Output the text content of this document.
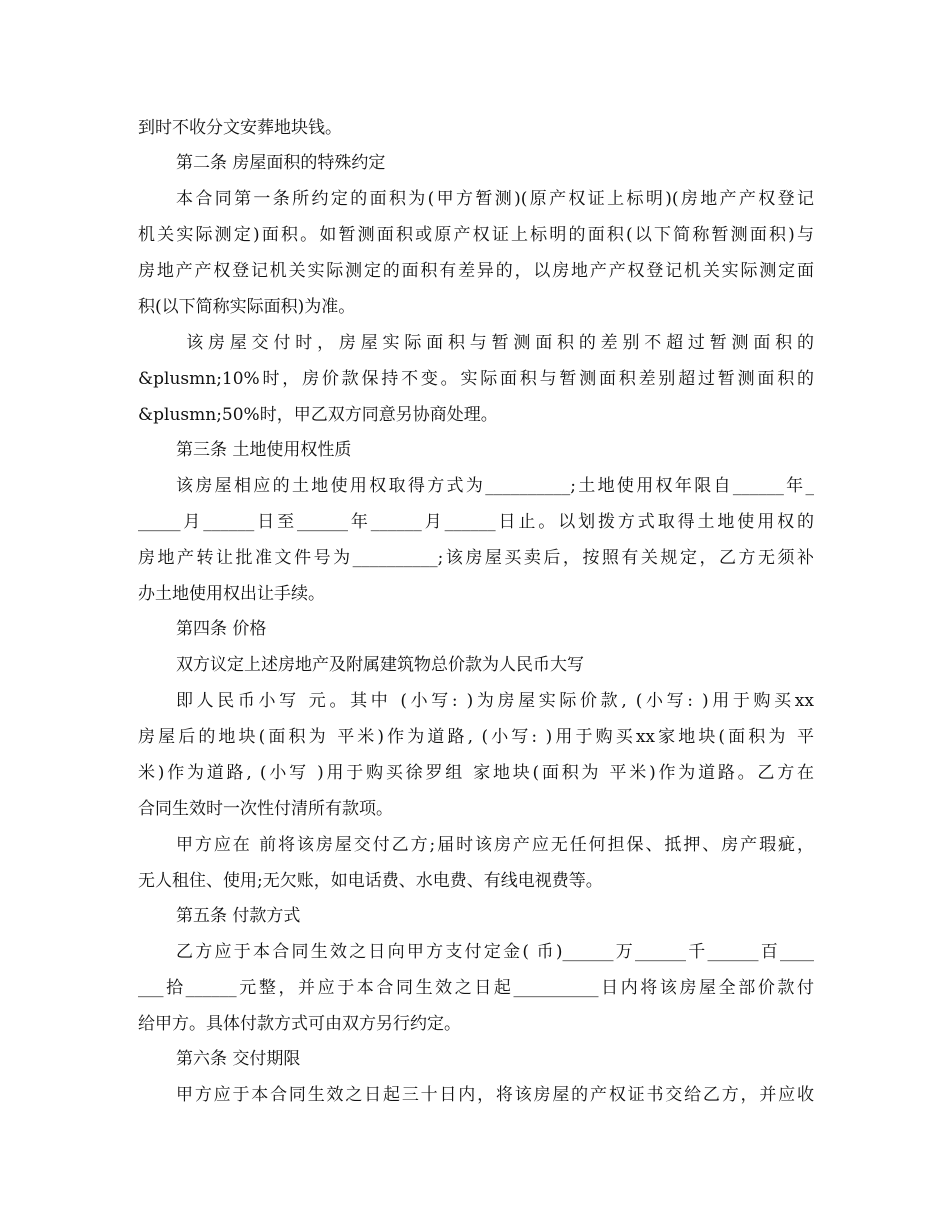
到时不收分文安葬地块钱。

第二条 房屋面积的特殊约定

本合同第一条所约定的面积为(甲方暂测)(原产权证上标明)(房地产产权登记

机关实际测定)面积。如暂测面积或原产权证上标明的面积(以下简称暂测面积)与

房地产产权登记机关实际测定的面积有差异的，以房地产产权登记机关实际测定面

积(以下简称实际面积)为准。

该房屋交付时，房屋实际面积与暂测面积的差别不超过暂测面积的

&plusmn;10%时，房价款保持不变。实际面积与暂测面积差别超过暂测面积的

&plusmn;50%时，甲乙双方同意另协商处理。

第三条 土地使用权性质

该房屋相应的土地使用权取得方式为__________;土地使用权年限自______年_

_____月______日至______年______月______日止。以划拨方式取得土地使用权的

房地产转让批准文件号为__________;该房屋买卖后，按照有关规定，乙方无须补

办土地使用权出让手续。

第四条 价格

双方议定上述房地产及附属建筑物总价款为人民币大写

即人民币小写 元。其中 (小写: )为房屋实际价款, (小写: )用于购买xx

房屋后的地块(面积为 平米)作为道路, (小写: )用于购买xx家地块(面积为 平

米)作为道路, (小写 )用于购买徐罗组 家地块(面积为 平米)作为道路。乙方在

合同生效时一次性付清所有款项。

甲方应在 前将该房屋交付乙方;届时该房产应无任何担保、抵押、房产瑕疵，

无人租住、使用;无欠账，如电话费、水电费、有线电视费等。

第五条 付款方式

乙方应于本合同生效之日向甲方支付定金( 币)______万______千______百____

___拾______元整，并应于本合同生效之日起__________日内将该房屋全部价款付

给甲方。具体付款方式可由双方另行约定。

第六条 交付期限

甲方应于本合同生效之日起三十日内，将该房屋的产权证书交给乙方，并应收
